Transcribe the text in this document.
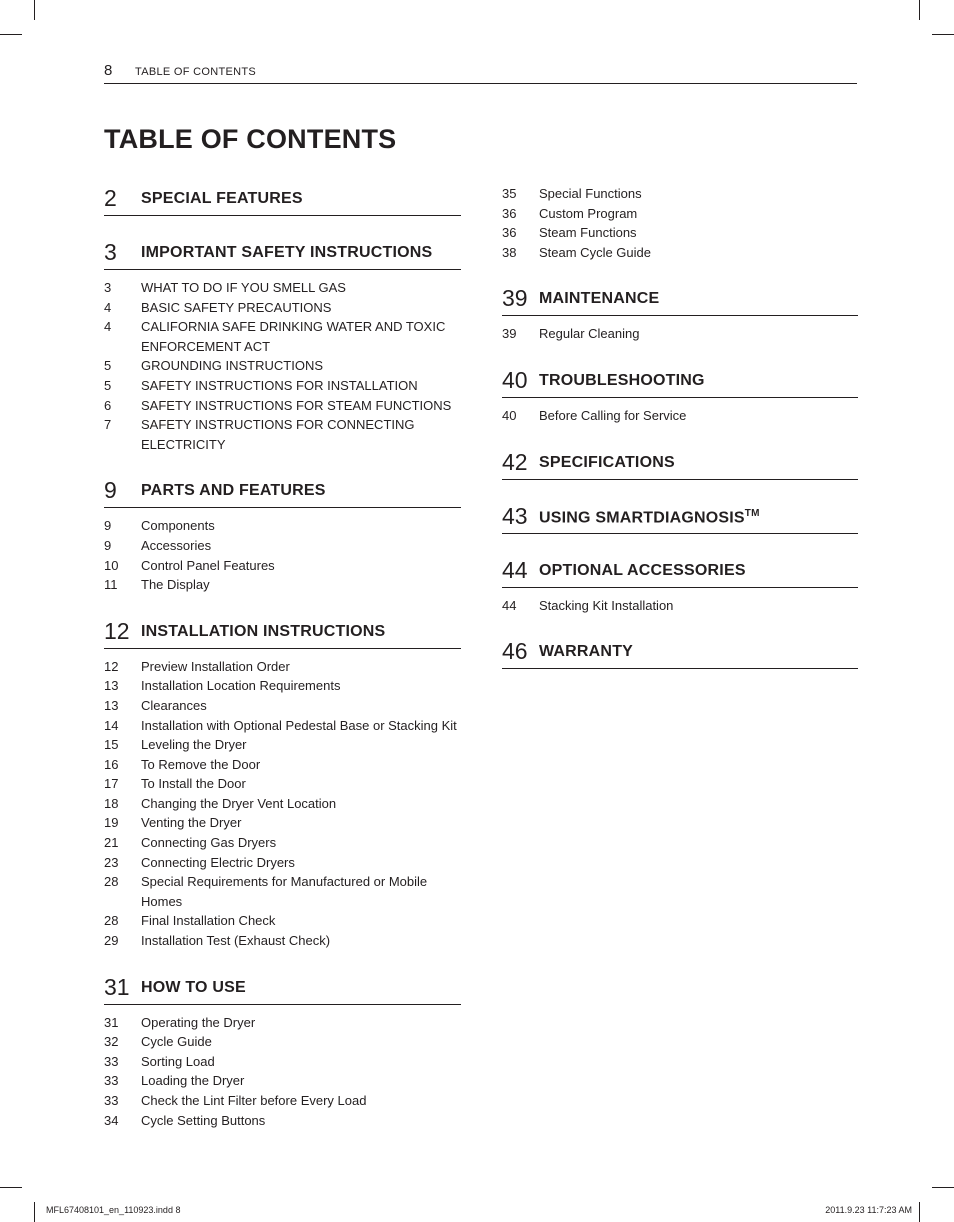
8 TABLE OF CONTENTS
TABLE OF CONTENTS
2 SPECIAL FEATURES
3 IMPORTANT SAFETY INSTRUCTIONS
3 WHAT TO DO IF YOU SMELL GAS
4 BASIC SAFETY PRECAUTIONS
4 CALIFORNIA SAFE DRINKING WATER AND TOXIC ENFORCEMENT ACT
5 GROUNDING INSTRUCTIONS
5 SAFETY INSTRUCTIONS FOR INSTALLATION
6 SAFETY INSTRUCTIONS FOR STEAM FUNCTIONS
7 SAFETY INSTRUCTIONS FOR CONNECTING ELECTRICITY
9 PARTS AND FEATURES
9 Components
9 Accessories
10 Control Panel Features
11 The Display
12 INSTALLATION INSTRUCTIONS
12 Preview Installation Order
13 Installation Location Requirements
13 Clearances
14 Installation with Optional Pedestal Base or Stacking Kit
15 Leveling the Dryer
16 To Remove the Door
17 To Install the Door
18 Changing the Dryer Vent Location
19 Venting the Dryer
21 Connecting Gas Dryers
23 Connecting Electric Dryers
28 Special Requirements for Manufactured or Mobile Homes
28 Final Installation Check
29 Installation Test (Exhaust Check)
31 HOW TO USE
31 Operating the Dryer
32 Cycle Guide
33 Sorting Load
33 Loading the Dryer
33 Check the Lint Filter before Every Load
34 Cycle Setting Buttons
35 Special Functions
36 Custom Program
36 Steam Functions
38 Steam Cycle Guide
39 MAINTENANCE
39 Regular Cleaning
40 TROUBLESHOOTING
40 Before Calling for Service
42 SPECIFICATIONS
43 USING SMARTDIAGNOSIS™
44 OPTIONAL ACCESSORIES
44 Stacking Kit Installation
46 WARRANTY
MFL67408101_en_110923.indd 8	2011.9.23 11:7:23 AM
